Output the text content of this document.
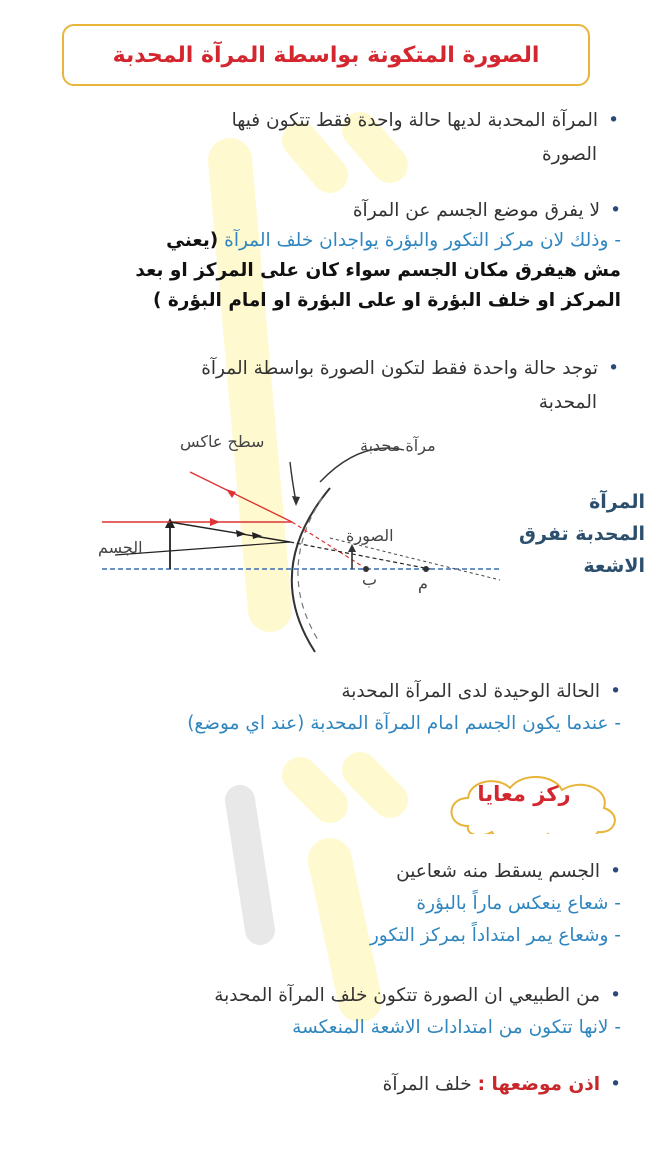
الصورة المتكونة بواسطة المرآة المحدبة
•المرآة المحدبة لديها حالة واحدة فقط تتكون فيها
الصورة
•لا يفرق موضع الجسم عن المرآة
- وذلك لان مركز التكور والبؤرة يواجدان خلف المرآة (يعني
مش هيفرق مكان الجسم سواء كان على المركز او بعد
المركز او خلف البؤرة او على البؤرة او امام البؤرة )
•توجد حالة واحدة فقط لتكون الصورة بواسطة المرآة
المحدبة
سطح عاكس	مرآة محدبة
الجسم
الصورة
ب	م
المرآة
المحدبة تفرق
الاشعة
•الحالة الوحيدة لدى المرآة المحدبة
- عندما يكون الجسم امام المرآة المحدبة (عند اي موضع)
ركز معايا
•الجسم يسقط منه شعاعين
- شعاع ينعكس ماراً بالبؤرة
- وشعاع يمر امتداداً بمركز التكور
•من الطبيعي ان الصورة تتكون خلف المرآة المحدبة
- لانها تتكون من امتدادات الاشعة المنعكسة
•اذن موضعها : خلف المرآة
